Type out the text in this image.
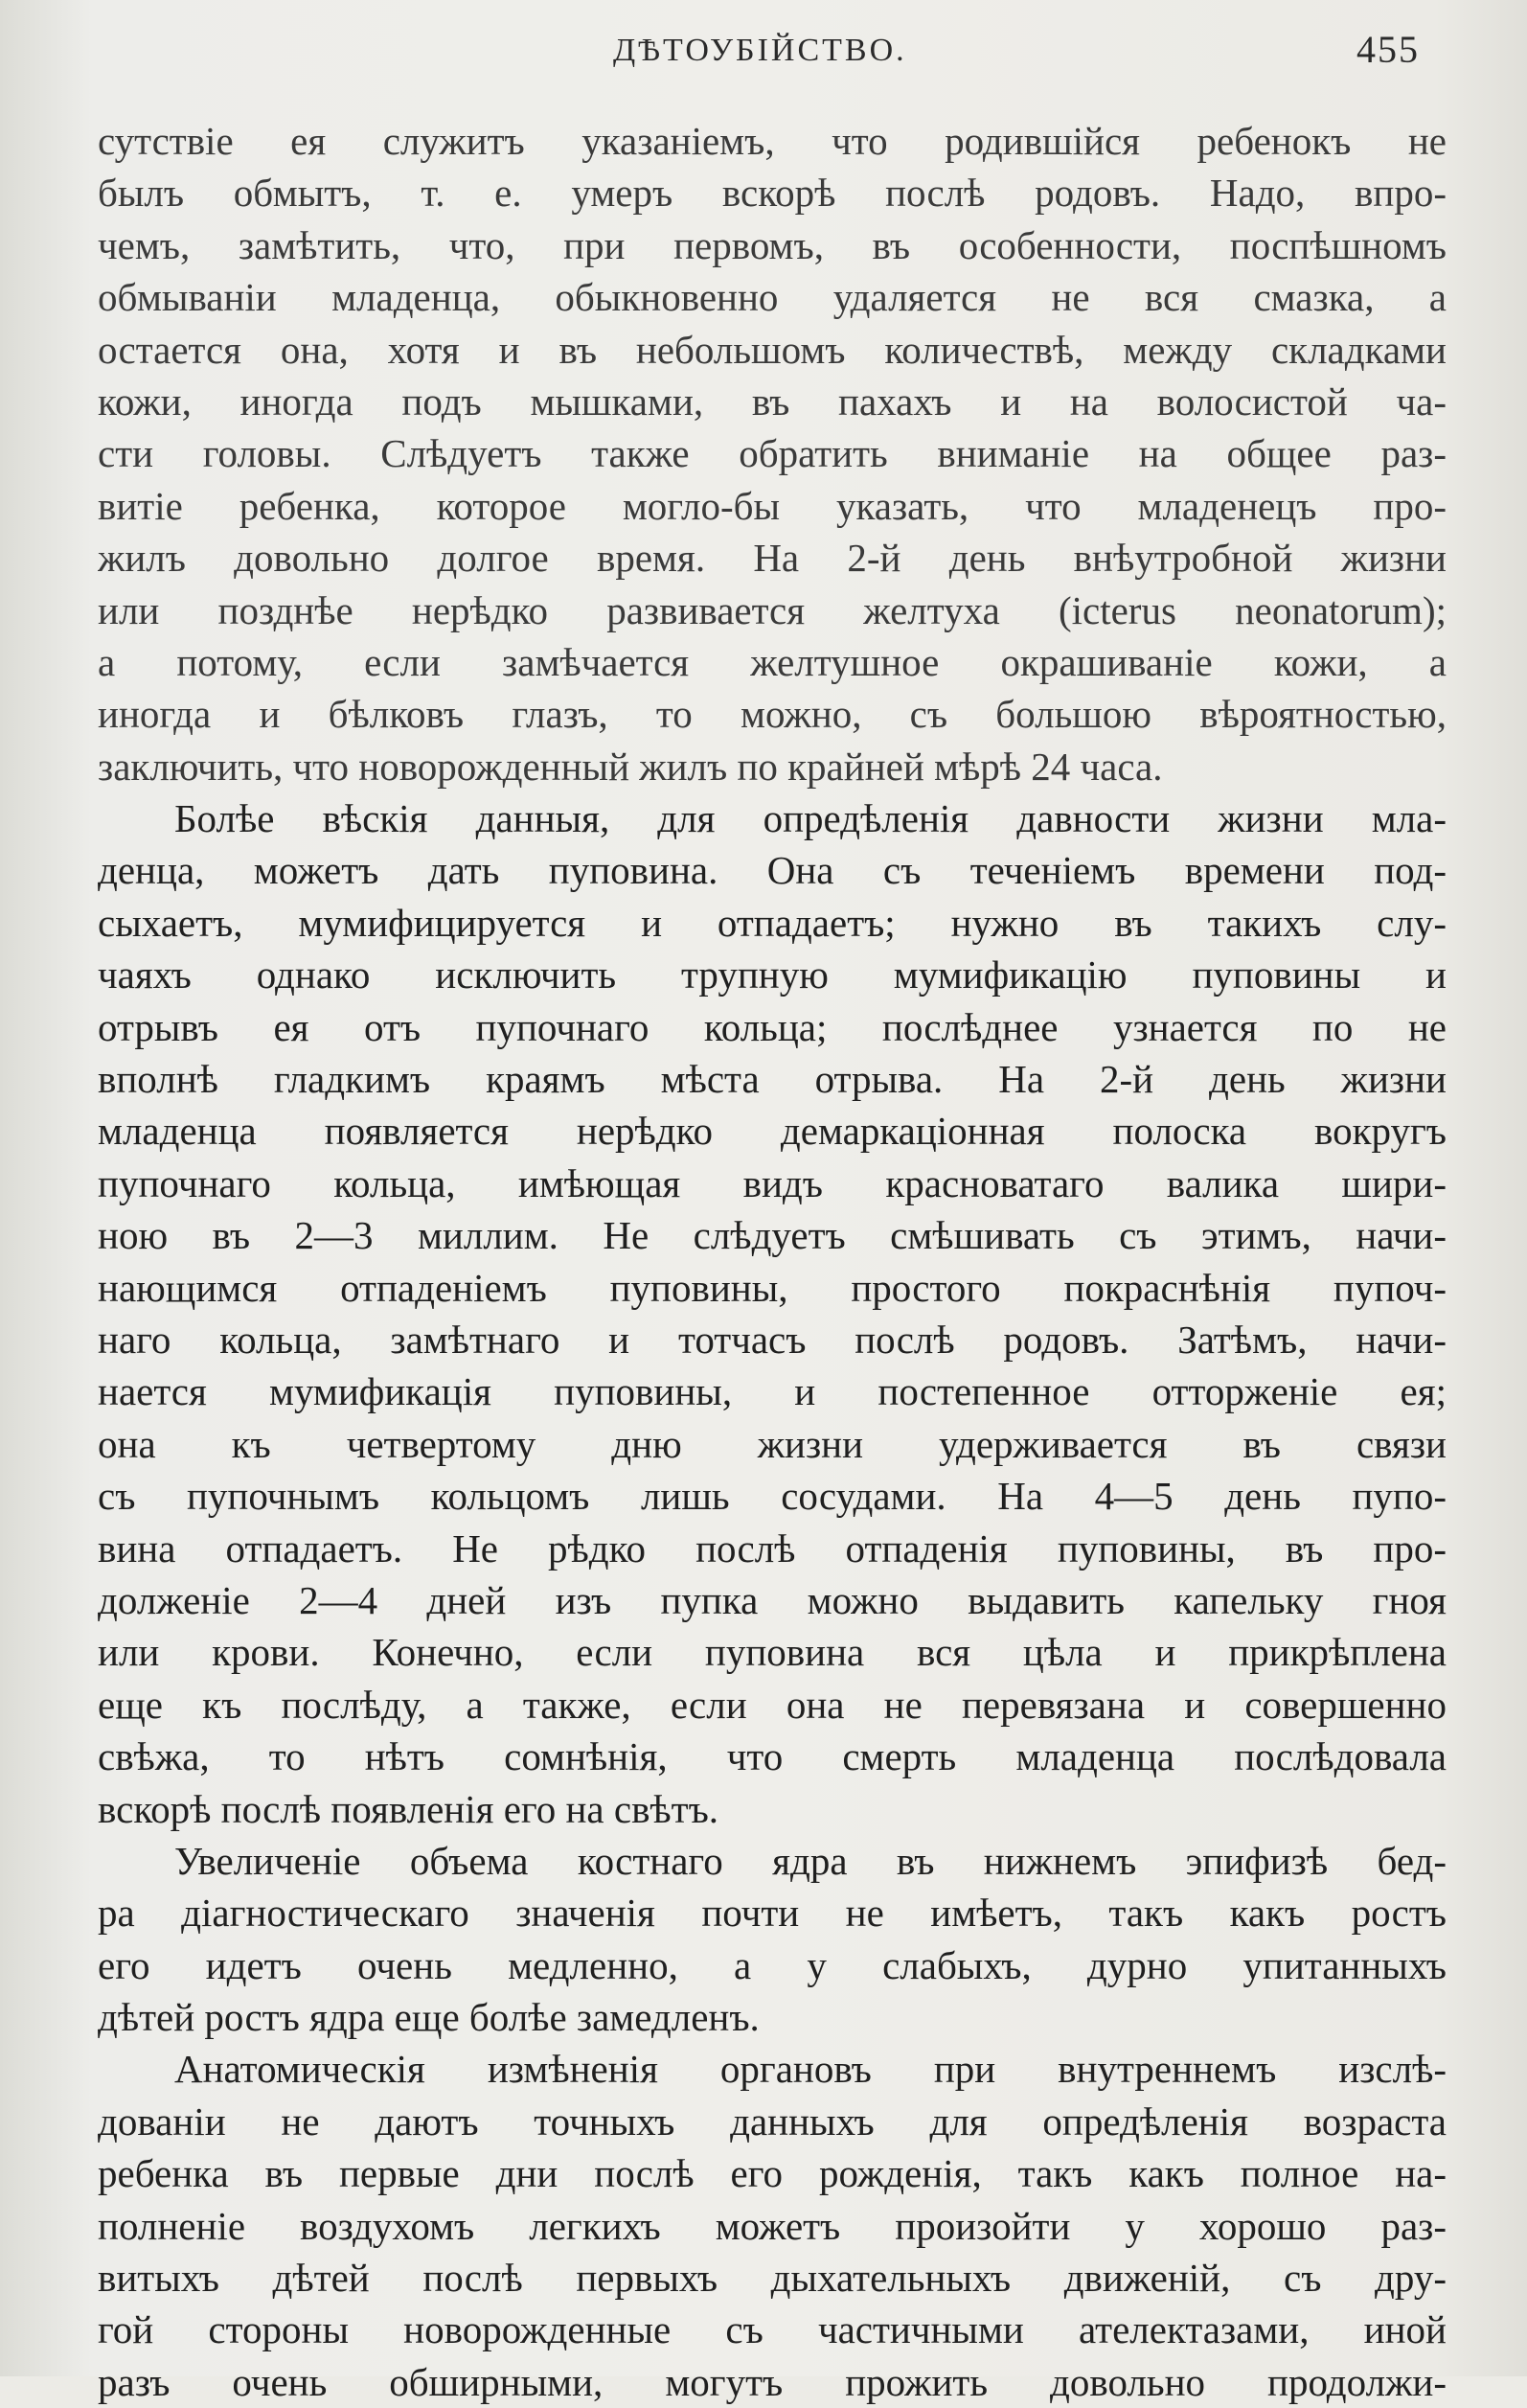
ДѢТОУБІЙСТВО.	455
сутствіе ея служитъ указаніемъ, что родившійся ребенокъ не
былъ обмытъ, т. е. умеръ вскорѣ послѣ родовъ. Надо, впро-
чемъ, замѣтить, что, при первомъ, въ особенности, поспѣшномъ
обмываніи младенца, обыкновенно удаляется не вся смазка, а
остается она, хотя и въ небольшомъ количествѣ, между складками
кожи, иногда подъ мышками, въ пахахъ и на волосистой ча-
сти головы. Слѣдуетъ также обратить вниманіе на общее раз-
витіе ребенка, которое могло-бы указать, что младенецъ про-
жилъ довольно долгое время. На 2-й день внѣутробной жизни
или позднѣе нерѣдко развивается желтуха (icterus neonatorum);
а потому, если замѣчается желтушное окрашиваніе кожи, а
иногда и бѣлковъ глазъ, то можно, съ большою вѣроятностью,
заключить, что новорожденный жилъ по крайней мѣрѣ 24 часа.
Болѣе вѣскія данныя, для опредѣленія давности жизни мла-
денца, можетъ дать пуповина. Она съ теченіемъ времени под-
сыхаетъ, мумифицируется и отпадаетъ; нужно въ такихъ слу-
чаяхъ однако исключить трупную мумификацію пуповины и
отрывъ ея отъ пупочнаго кольца; послѣднее узнается по не
вполнѣ гладкимъ краямъ мѣста отрыва. На 2-й день жизни
младенца появляется нерѣдко демаркаціонная полоска вокругъ
пупочнаго кольца, имѣющая видъ красноватаго валика шири-
ною въ 2—3 миллим. Не слѣдуетъ смѣшивать съ этимъ, начи-
нающимся отпаденіемъ пуповины, простого покраснѣнія пупоч-
наго кольца, замѣтнаго и тотчасъ послѣ родовъ. Затѣмъ, начи-
нается мумификація пуповины, и постепенное отторженіе ея;
она къ четвертому дню жизни удерживается въ связи
съ пупочнымъ кольцомъ лишь сосудами. На 4—5 день пупо-
вина отпадаетъ. Не рѣдко послѣ отпаденія пуповины, въ про-
долженіе 2—4 дней изъ пупка можно выдавить капельку гноя
или крови. Конечно, если пуповина вся цѣла и прикрѣплена
еще къ послѣду, а также, если она не перевязана и совершенно
свѣжа, то нѣтъ сомнѣнія, что смерть младенца послѣдовала
вскорѣ послѣ появленія его на свѣтъ.
Увеличеніе объема костнаго ядра въ нижнемъ эпифизѣ бед-
ра діагностическаго значенія почти не имѣетъ, такъ какъ ростъ
его идетъ очень медленно, а у слабыхъ, дурно упитанныхъ
дѣтей ростъ ядра еще болѣе замедленъ.
Анатомическія измѣненія органовъ при внутреннемъ изслѣ-
дованіи не даютъ точныхъ данныхъ для опредѣленія возраста
ребенка въ первые дни послѣ его рожденія, такъ какъ полное на-
полненіе воздухомъ легкихъ можетъ произойти у хорошо раз-
витыхъ дѣтей послѣ первыхъ дыхательныхъ движеній, съ дру-
гой стороны новорожденные съ частичными ателектазами, иной
разъ очень обширными, могутъ прожить довольно продолжи-
